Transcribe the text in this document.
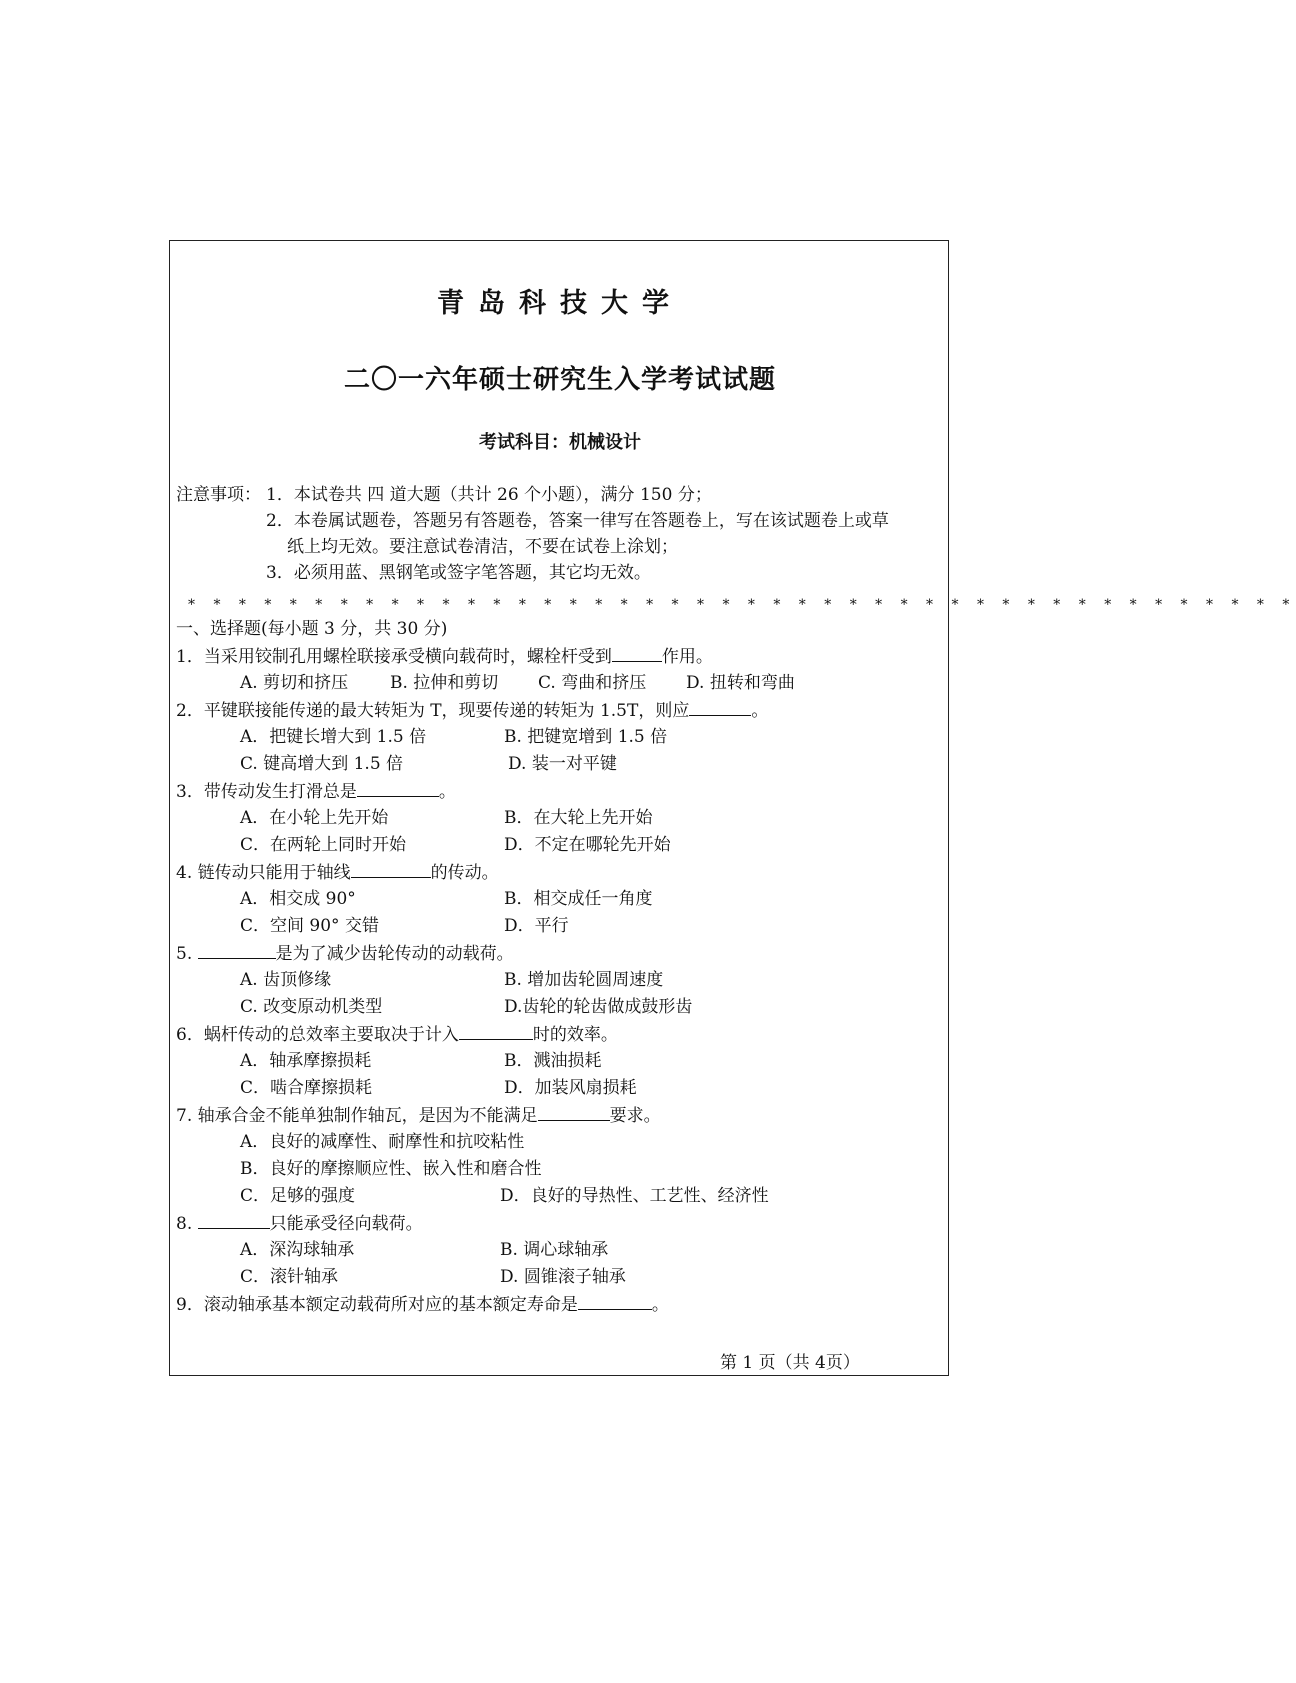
青岛科技大学
二〇一六年硕士研究生入学考试试题
考试科目：机械设计
注意事项： 1．本试卷共 四 道大题（共计 26 个小题），满分 150 分；
2．本卷属试题卷，答题另有答题卷，答案一律写在答题卷上，写在该试题卷上或草
纸上均无效。要注意试卷清洁，不要在试卷上涂划；
3．必须用蓝、黑钢笔或签字笔答题，其它均无效。
* * * * * * * * * * * * * * * * * * * * * * * * * * * * * * * * * * * * * * * * * * * *
一、选择题(每小题 3 分，共 30 分)
1．当采用铰制孔用螺栓联接承受横向载荷时，螺栓杆受到	作用。
A. 剪切和挤压 B. 拉伸和剪切 C. 弯曲和挤压 D. 扭转和弯曲
2．平键联接能传递的最大转矩为 T，现要传递的转矩为 1.5T，则应	。
A．把键长增大到 1.5 倍	B. 把键宽增到 1.5 倍
C. 键高增大到 1.5 倍	D. 装一对平键
3．带传动发生打滑总是	。
A．在小轮上先开始	B．在大轮上先开始
C．在两轮上同时开始	D．不定在哪轮先开始
4. 链传动只能用于轴线	的传动。
A．相交成 90°	B．相交成任一角度
C．空间 90° 交错	D．平行
5.	是为了减少齿轮传动的动载荷。
A. 齿顶修缘	B. 增加齿轮圆周速度
C. 改变原动机类型	D.齿轮的轮齿做成鼓形齿
6．蜗杆传动的总效率主要取决于计入	时的效率。
A．轴承摩擦损耗	B．溅油损耗
C．啮合摩擦损耗	D．加装风扇损耗
7. 轴承合金不能单独制作轴瓦，是因为不能满足	要求。
A．良好的减摩性、耐摩性和抗咬粘性
B．良好的摩擦顺应性、嵌入性和磨合性
C．足够的强度	D．良好的导热性、工艺性、经济性
8.	只能承受径向载荷。
A．深沟球轴承	B. 调心球轴承
C．滚针轴承	D. 圆锥滚子轴承
9．滚动轴承基本额定动载荷所对应的基本额定寿命是	。
第 1 页（共 4页）
